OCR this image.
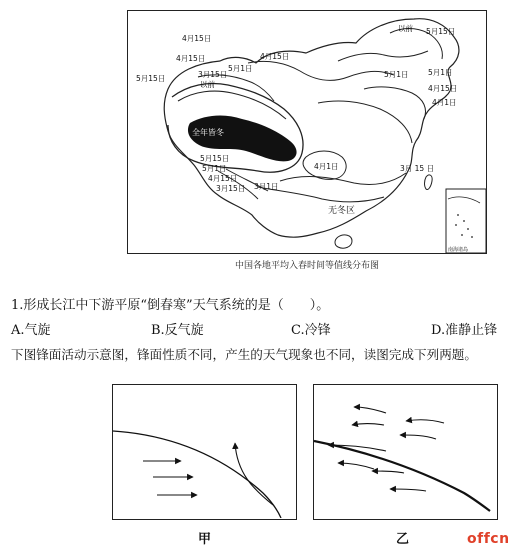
以前 5月15日
4月15日
4月15日	4月15日
5月15日	3月15日
以前
5月1日
5月1日	5月1日
4月15日
4月1日
5月15日
5月1日
4月15日
3月15日 3月1日
4月1日	3月 15 日
南海诸岛
全年皆冬
无冬区
中国各地平均入春时间等值线分布图
1.形成长江中下游平原“倒春寒”天气系统的是（　　）。
A.气旋	B.反气旋	C.冷锋	D.准静止锋
下图锋面活动示意图，锋面性质不同，产生的天气现象也不同，读图完成下列两题。
甲	乙	offcn
